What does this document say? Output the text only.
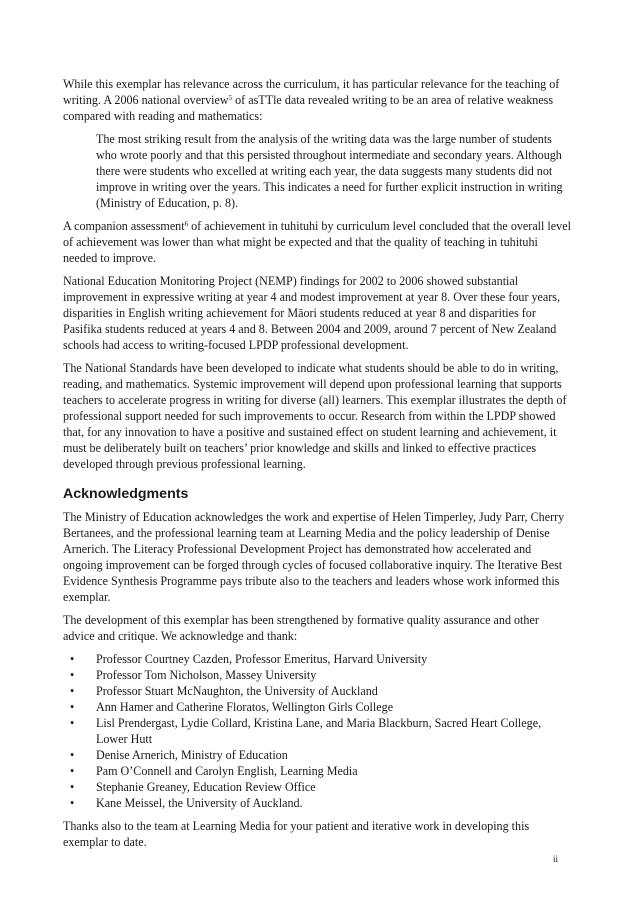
While this exemplar has relevance across the curriculum, it has particular relevance for the teaching of writing. A 2006 national overview$^5$ of asTTle data revealed writing to be an area of relative weakness compared with reading and mathematics:

The most striking result from the analysis of the writing data was the large number of students who wrote poorly and that this persisted throughout intermediate and secondary years. Although there were students who excelled at writing each year, the data suggests many students did not improve in writing over the years. This indicates a need for further explicit instruction in writing (Ministry of Education, p. 8).

A companion assessment$^6$ of achievement in tuhituhi by curriculum level concluded that the overall level of achievement was lower than what might be expected and that the quality of teaching in tuhituhi needed to improve.

National Education Monitoring Project (NEMP) findings for 2002 to 2006 showed substantial improvement in expressive writing at year 4 and modest improvement at year 8. Over these four years, disparities in English writing achievement for Māori students reduced at year 8 and disparities for Pasifika students reduced at years 4 and 8. Between 2004 and 2009, around 7 percent of New Zealand schools had access to writing-focused LPDP professional development.

The National Standards have been developed to indicate what students should be able to do in writing, reading, and mathematics. Systemic improvement will depend upon professional learning that supports teachers to accelerate progress in writing for diverse (all) learners. This exemplar illustrates the depth of professional support needed for such improvements to occur. Research from within the LPDP showed that, for any innovation to have a positive and sustained effect on student learning and achievement, it must be deliberately built on teachers’ prior knowledge and skills and linked to effective practices developed through previous professional learning.

Acknowledgments

The Ministry of Education acknowledges the work and expertise of Helen Timperley, Judy Parr, Cherry Bertanees, and the professional learning team at Learning Media and the policy leadership of Denise Arnerich. The Literacy Professional Development Project has demonstrated how accelerated and ongoing improvement can be forged through cycles of focused collaborative inquiry. The Iterative Best Evidence Synthesis Programme pays tribute also to the teachers and leaders whose work informed this exemplar.

The development of this exemplar has been strengthened by formative quality assurance and other advice and critique. We acknowledge and thank:

• Professor Courtney Cazden, Professor Emeritus, Harvard University
• Professor Tom Nicholson, Massey University
• Professor Stuart McNaughton, the University of Auckland
• Ann Hamer and Catherine Floratos, Wellington Girls College
• Lisl Prendergast, Lydie Collard, Kristina Lane, and Maria Blackburn, Sacred Heart College, Lower Hutt
• Denise Arnerich, Ministry of Education
• Pam O’Connell and Carolyn English, Learning Media
• Stephanie Greaney, Education Review Office
• Kane Meissel, the University of Auckland.

Thanks also to the team at Learning Media for your patient and iterative work in developing this exemplar to date.

ii
